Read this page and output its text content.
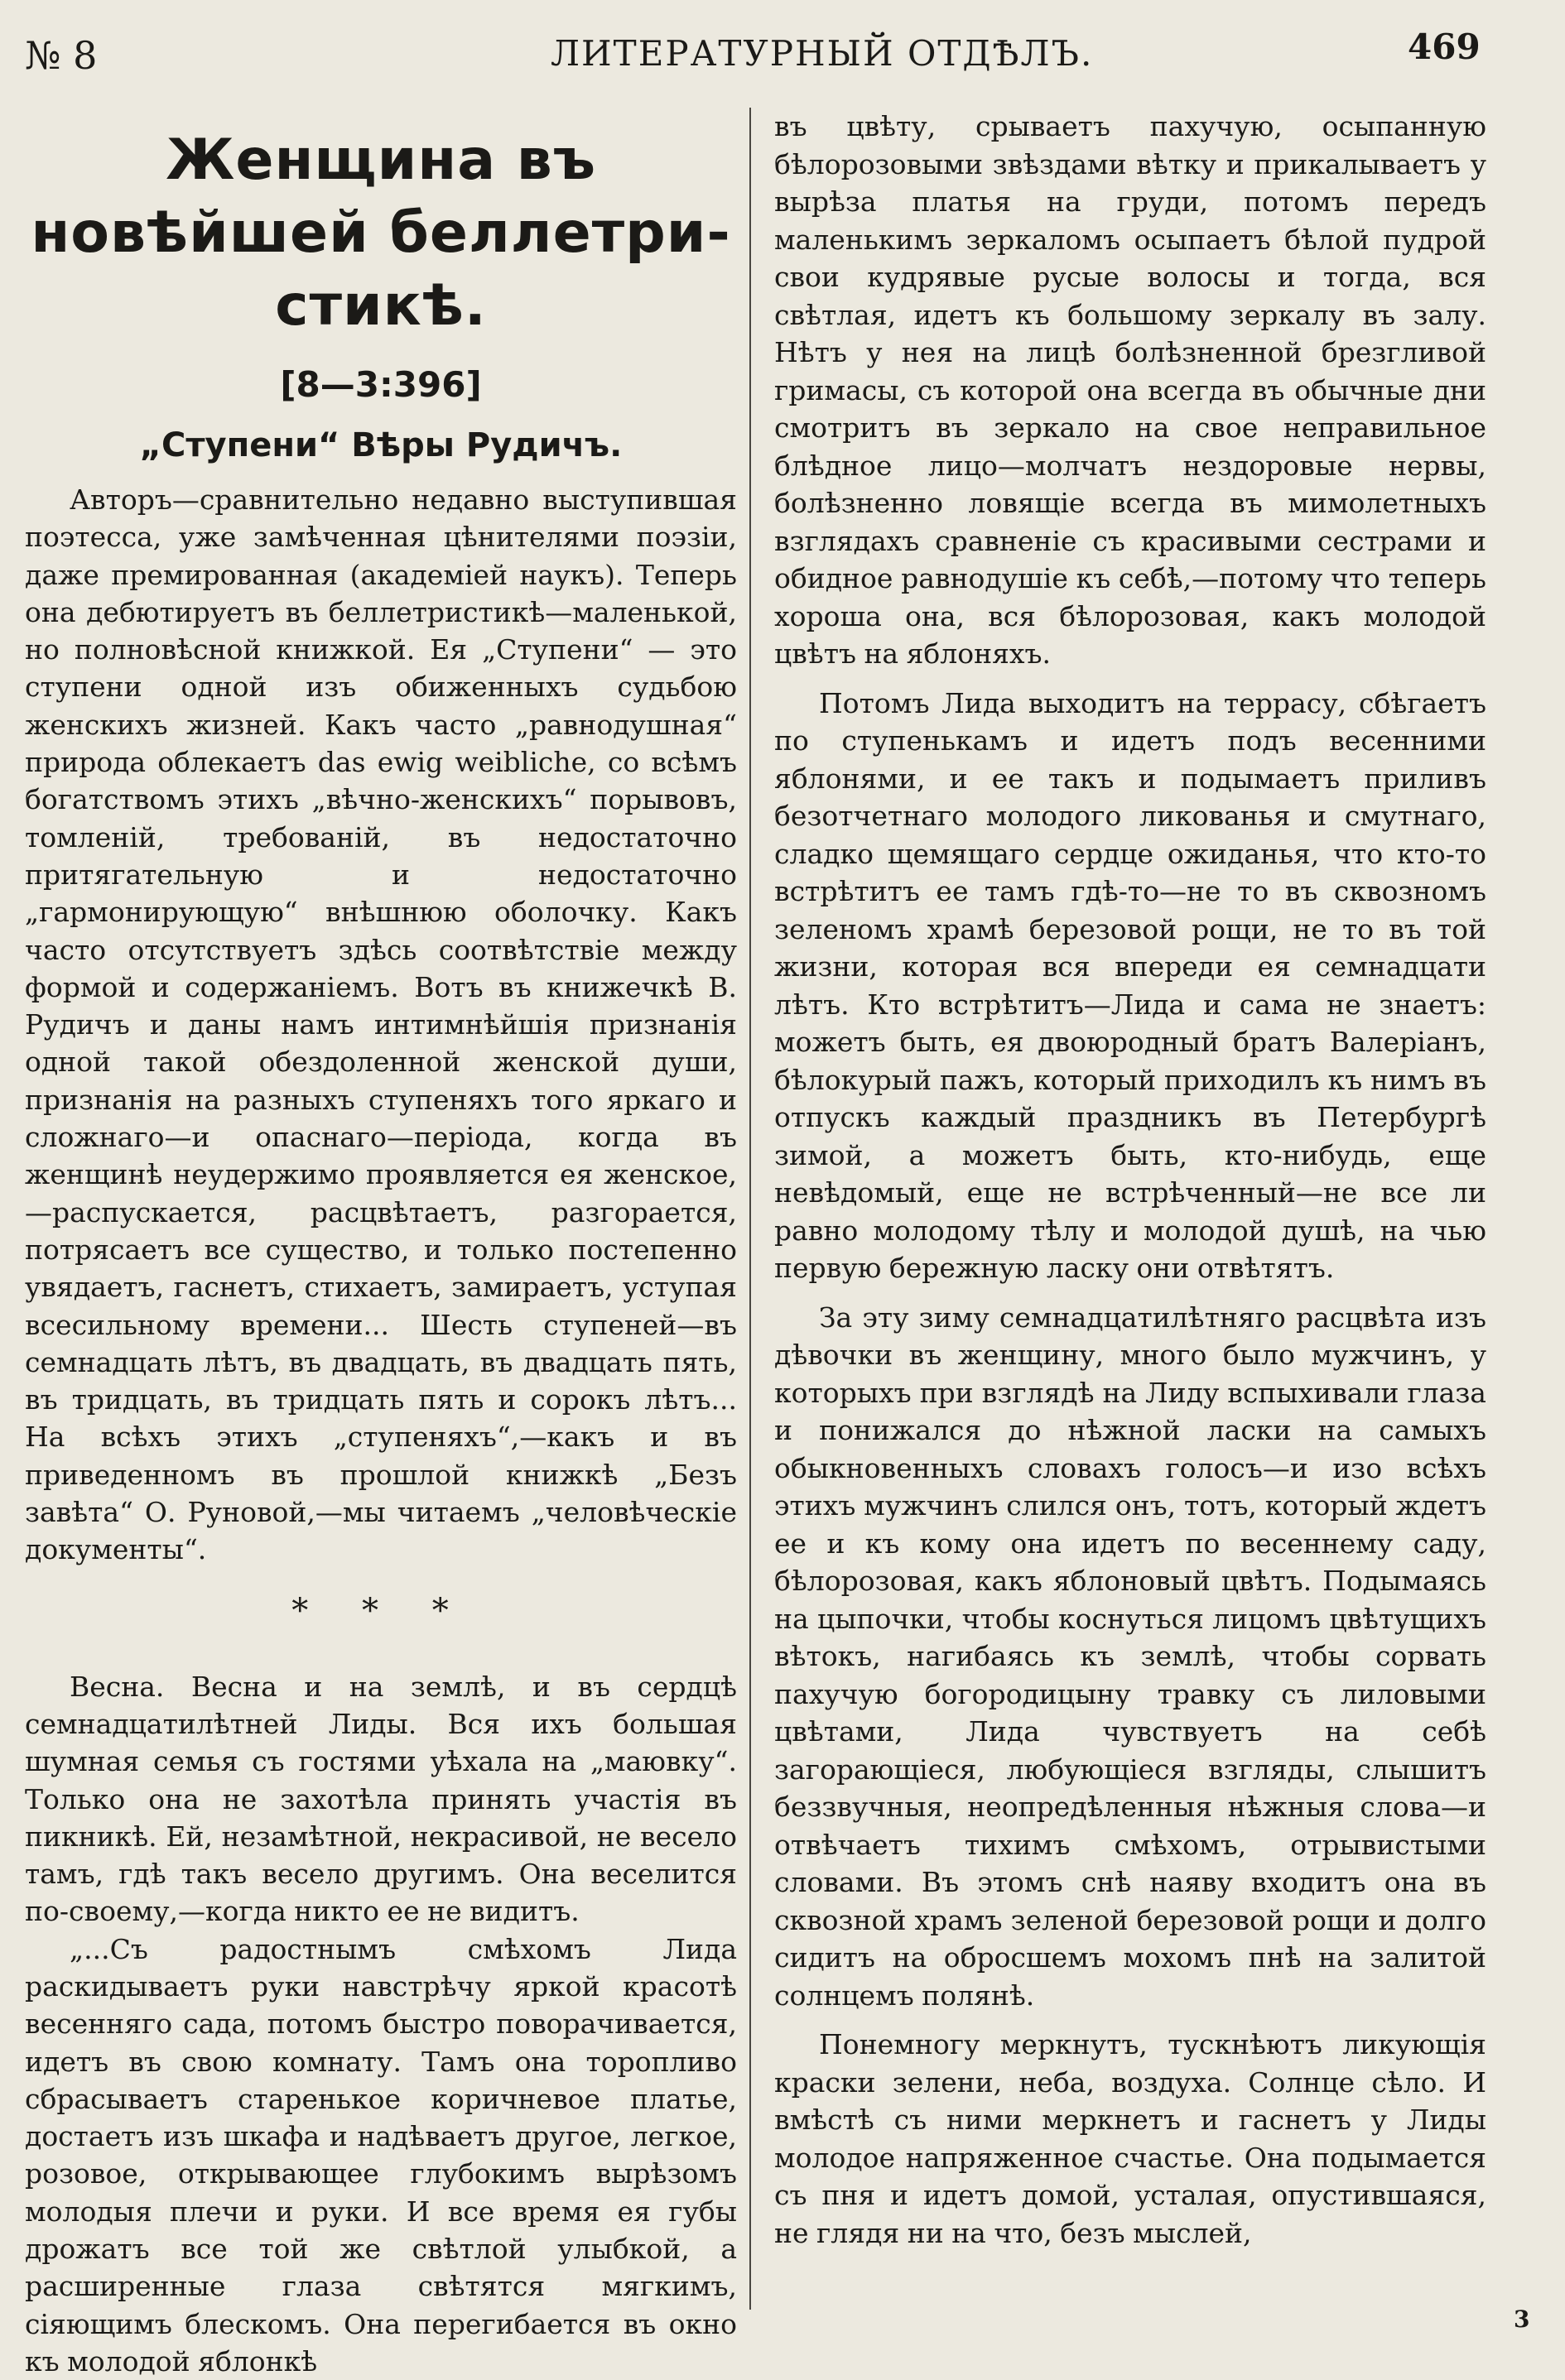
№ 8	ЛИТЕРАТУРНЫЙ ОТДѢЛЪ.	469
Женщина въ новѣйшей беллетри-стикѣ.
[8—3:396]
„Ступени“ Вѣры Рудичъ.

Авторъ—сравнительно недавно выступившая поэтесса, уже замѣченная цѣнителями поэзіи, даже премированная (академіей наукъ). Теперь она дебютируетъ въ беллетристикѣ—маленькой, но полновѣсной книжкой. Ея „Ступени“ — это ступени одной изъ обиженныхъ судьбою женскихъ жизней. Какъ часто „равнодушная“ природа облекаетъ das ewig weibliche, со всѣмъ богатствомъ этихъ „вѣчно-женскихъ“ порывовъ, томленій, требованій, въ недостаточно притягательную и недостаточно „гармонирующую“ внѣшнюю оболочку. Какъ часто отсутствуетъ здѣсь соотвѣтствіе между формой и содержаніемъ. Вотъ въ книжечкѣ В. Рудичъ и даны намъ интимнѣйшія признанія одной такой обездоленной женской души, признанія на разныхъ ступеняхъ того яркаго и сложнаго—и опаснаго—періода, когда въ женщинѣ неудержимо проявляется ея женское,—распускается, расцвѣтаетъ, разгорается, потрясаетъ все существо, и только постепенно увядаетъ, гаснетъ, стихаетъ, замираетъ, уступая всесильному времени... Шесть ступеней—въ семнадцать лѣтъ, въ двадцать, въ двадцать пять, въ тридцать, въ тридцать пять и сорокъ лѣтъ... На всѣхъ этихъ „ступеняхъ“,—какъ и въ приведенномъ въ прошлой книжкѣ „Безъ завѣта“ О. Руновой,—мы читаемъ „человѣческіе документы“.

* * *

Весна. Весна и на землѣ, и въ сердцѣ семнадцатилѣтней Лиды. Вся ихъ большая шумная семья съ гостями уѣхала на „маювку“. Только она не захотѣла принять участія въ пикникѣ. Ей, незамѣтной, некрасивой, не весело тамъ, гдѣ такъ весело другимъ. Она веселится по-своему,—когда никто ее не видитъ.

„...Съ радостнымъ смѣхомъ Лида раскидываетъ руки навстрѣчу яркой красотѣ весенняго сада, потомъ быстро поворачивается, идетъ въ свою комнату. Тамъ она торопливо сбрасываетъ старенькое коричневое платье, достаетъ изъ шкафа и надѣваетъ другое, легкое, розовое, открывающее глубокимъ вырѣзомъ молодыя плечи и руки. И все время ея губы дрожатъ все той же свѣтлой улыбкой, а расширенные глаза свѣтятся мягкимъ, сіяющимъ блескомъ. Она перегибается въ окно къ молодой яблонкѣ

въ цвѣту, срываетъ пахучую, осыпанную бѣлорозовыми звѣздами вѣтку и прикалываетъ у вырѣза платья на груди, потомъ передъ маленькимъ зеркаломъ осыпаетъ бѣлой пудрой свои кудрявые русые волосы и тогда, вся свѣтлая, идетъ къ большому зеркалу въ залу. Нѣтъ у нея на лицѣ болѣзненной брезгливой гримасы, съ которой она всегда въ обычные дни смотритъ въ зеркало на свое неправильное блѣдное лицо—молчатъ нездоровые нервы, болѣзненно ловящіе всегда въ мимолетныхъ взглядахъ сравненіе съ красивыми сестрами и обидное равнодушіе къ себѣ,—потому что теперь хороша она, вся бѣлорозовая, какъ молодой цвѣтъ на яблоняхъ.

Потомъ Лида выходитъ на террасу, сбѣгаетъ по ступенькамъ и идетъ подъ весенними яблонями, и ее такъ и подымаетъ приливъ безотчетнаго молодого ликованья и смутнаго, сладко щемящаго сердце ожиданья, что кто-то встрѣтитъ ее тамъ гдѣ-то—не то въ сквозномъ зеленомъ храмѣ березовой рощи, не то въ той жизни, которая вся впереди ея семнадцати лѣтъ. Кто встрѣтитъ—Лида и сама не знаетъ: можетъ быть, ея двоюродный братъ Валеріанъ, бѣлокурый пажъ, который приходилъ къ нимъ въ отпускъ каждый праздникъ въ Петербургѣ зимой, а можетъ быть, кто-нибудь, еще невѣдомый, еще не встрѣченный—не все ли равно молодому тѣлу и молодой душѣ, на чью первую бережную ласку они отвѣтятъ.

За эту зиму семнадцатилѣтняго расцвѣта изъ дѣвочки въ женщину, много было мужчинъ, у которыхъ при взглядѣ на Лиду вспыхивали глаза и понижался до нѣжной ласки на самыхъ обыкновенныхъ словахъ голосъ—и изо всѣхъ этихъ мужчинъ слился онъ, тотъ, который ждетъ ее и къ кому она идетъ по весеннему саду, бѣлорозовая, какъ яблоновый цвѣтъ. Подымаясь на цыпочки, чтобы коснуться лицомъ цвѣтущихъ вѣтокъ, нагибаясь къ землѣ, чтобы сорвать пахучую богородицыну травку съ лиловыми цвѣтами, Лида чувствуетъ на себѣ загорающіеся, любующіеся взгляды, слышитъ беззвучныя, неопредѣленныя нѣжныя слова—и отвѣчаетъ тихимъ смѣхомъ, отрывистыми словами. Въ этомъ снѣ наяву входитъ она въ сквозной храмъ зеленой березовой рощи и долго сидитъ на обросшемъ мохомъ пнѣ на залитой солнцемъ полянѣ.

Понемногу меркнутъ, тускнѣютъ ликующія краски зелени, неба, воздуха. Солнце сѣло. И вмѣстѣ съ ними меркнетъ и гаснетъ у Лиды молодое напряженное счастье. Она подымается съ пня и идетъ домой, усталая, опустившаяся, не глядя ни на что, безъ мыслей,

3
